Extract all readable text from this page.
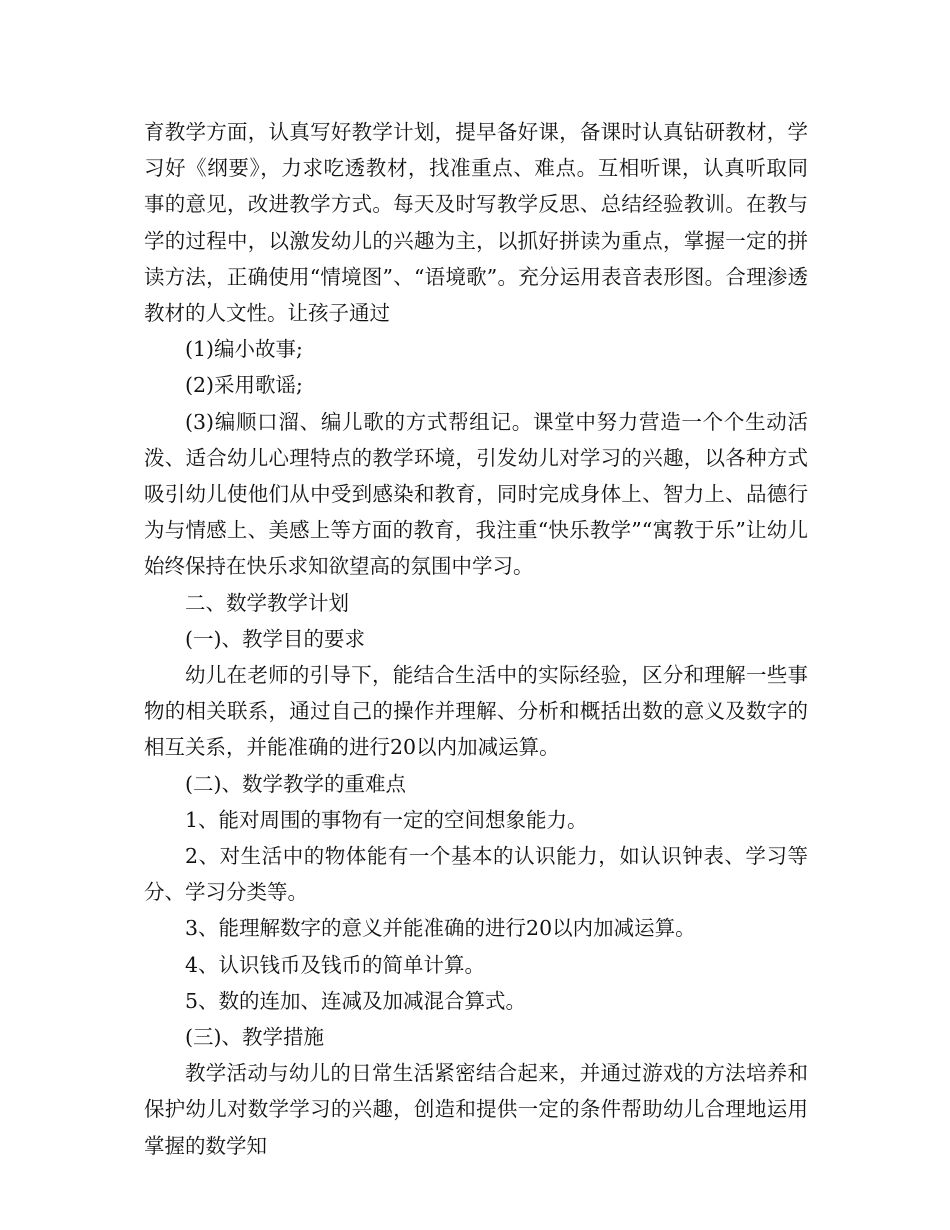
育教学方面，认真写好教学计划，提早备好课，备课时认真钻研教材，学习好《纲要》，力求吃透教材，找准重点、难点。互相听课，认真听取同事的意见，改进教学方式。每天及时写教学反思、总结经验教训。在教与学的过程中，以激发幼儿的兴趣为主，以抓好拼读为重点，掌握一定的拼读方法，正确使用“情境图”、“语境歌”。充分运用表音表形图。合理渗透教材的人文性。让孩子通过

(1)编小故事;

(2)采用歌谣;

(3)编顺口溜、编儿歌的方式帮组记。课堂中努力营造一个个生动活泼、适合幼儿心理特点的教学环境，引发幼儿对学习的兴趣，以各种方式吸引幼儿使他们从中受到感染和教育，同时完成身体上、智力上、品德行为与情感上、美感上等方面的教育，我注重“快乐教学”“寓教于乐”让幼儿始终保持在快乐求知欲望高的氛围中学习。

二、数学教学计划

(一)、教学目的要求

幼儿在老师的引导下，能结合生活中的实际经验，区分和理解一些事物的相关联系，通过自己的操作并理解、分析和概括出数的意义及数字的相互关系，并能准确的进行20以内加减运算。

(二)、数学教学的重难点

1、能对周围的事物有一定的空间想象能力。

2、对生活中的物体能有一个基本的认识能力，如认识钟表、学习等分、学习分类等。

3、能理解数字的意义并能准确的进行20以内加减运算。

4、认识钱币及钱币的简单计算。

5、数的连加、连减及加减混合算式。

(三)、教学措施

教学活动与幼儿的日常生活紧密结合起来，并通过游戏的方法培养和保护幼儿对数学学习的兴趣，创造和提供一定的条件帮助幼儿合理地运用掌握的数学知
